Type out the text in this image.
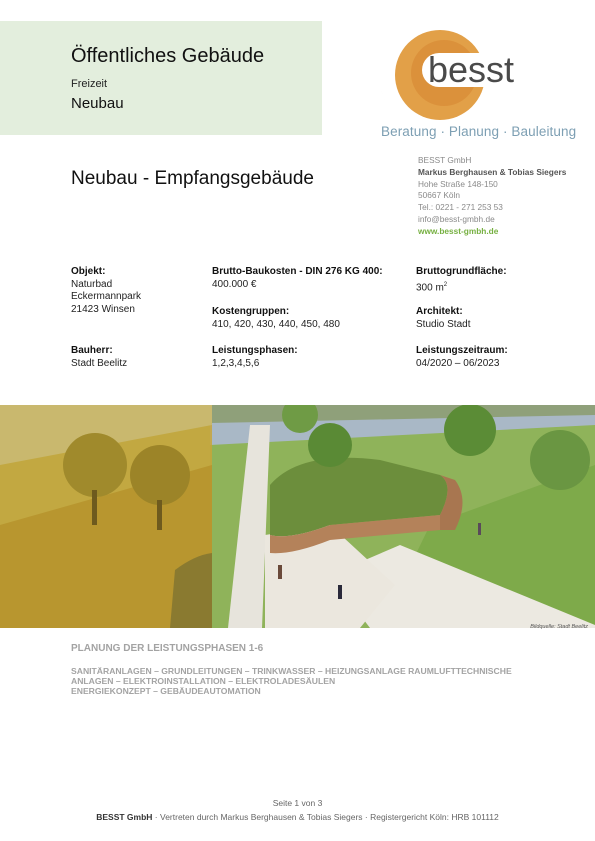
Öffentliches Gebäude
Freizeit
Neubau
besst
Beratung · Planung · Bauleitung
Neubau - Empfangsgebäude
BESST GmbH
Markus Berghausen & Tobias Siegers
Hohe Straße 148-150
50667 Köln
Tel.: 0221 - 271 253 53
info@besst-gmbh.de
www.besst-gmbh.de
Objekt:
Naturbad
Eckermannpark
21423 Winsen
Bauherr:
Stadt Beelitz
Brutto-Baukosten - DIN 276 KG 400:
400.000 €
Kostengruppen:
410, 420, 430, 440, 450, 480
Leistungsphasen:
1,2,3,4,5,6
Bruttogrundfläche:
300 $m^2$
Architekt:
Studio Stadt
Leistungszeitraum:
04/2020 – 06/2023
Bildquelle: Stadt Beelitz
PLANUNG DER LEISTUNGSPHASEN 1-6
SANITÄRANLAGEN – GRUNDLEITUNGEN – TRINKWASSER – HEIZUNGSANLAGE RAUMLUFTTECHNISCHE
ANLAGEN – ELEKTROINSTALLATION – ELEKTROLADESÄULEN
ENERGIEKONZEPT – GEBÄUDEAUTOMATION
Seite 1 von 3
BESST GmbH · Vertreten durch Markus Berghausen & Tobias Siegers · Registergericht Köln: HRB 101112
